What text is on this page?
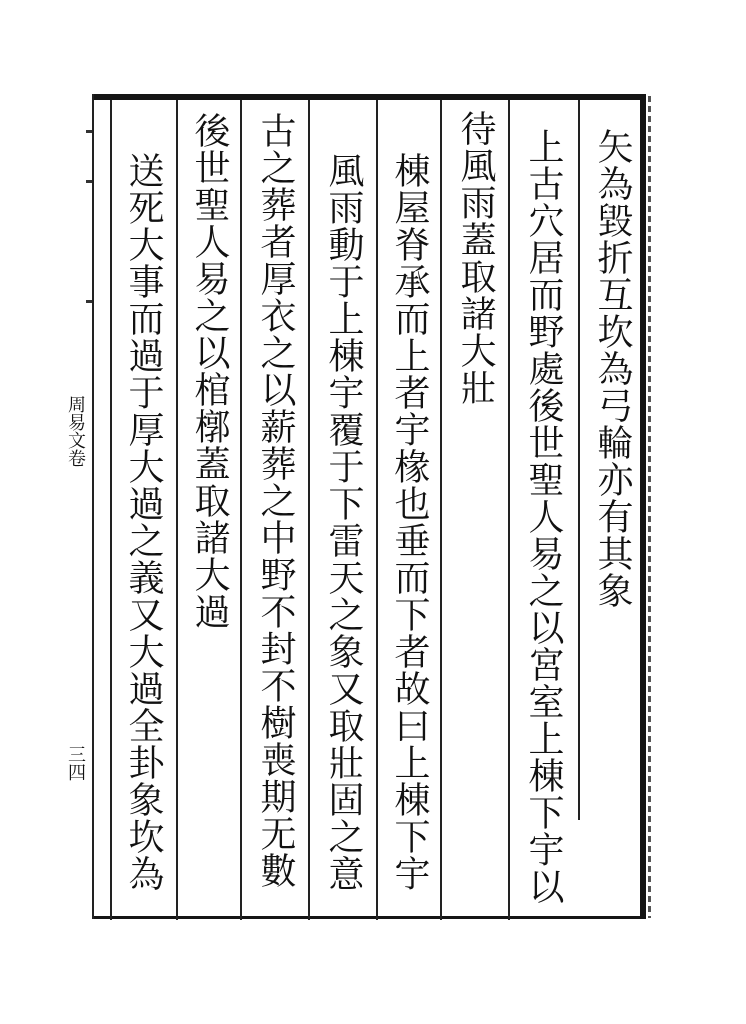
矢為毀折互坎為弓輪亦有其象
上古穴居而野處後世聖人易之以宮室上棟下宇以
待風雨蓋取諸大壯
棟屋脊承而上者宇椽也垂而下者故曰上棟下宇
風雨動于上棟宇覆于下雷天之象又取壯固之意
古之葬者厚衣之以薪葬之中野不封不樹喪期无數
後世聖人易之以棺槨蓋取諸大過
送死大事而過于厚大過之義又大過全卦象坎為
周易文卷
三四
